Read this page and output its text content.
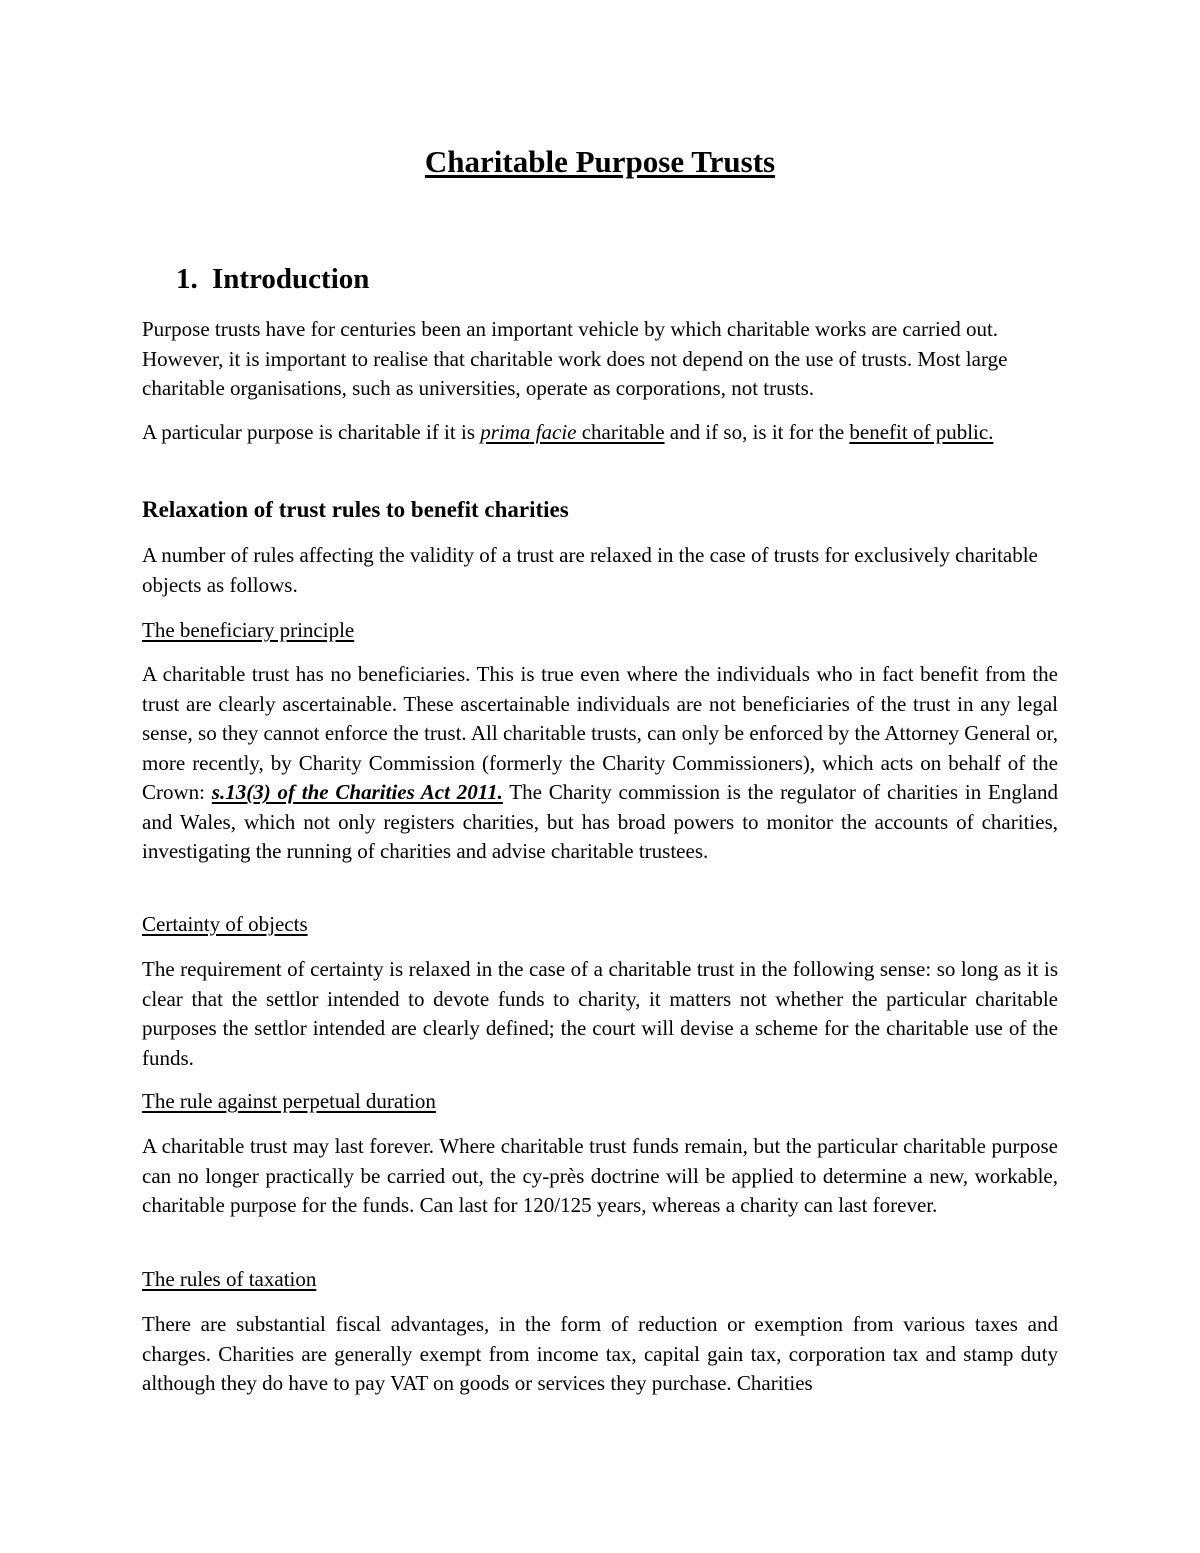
Charitable Purpose Trusts
1. Introduction

Purpose trusts have for centuries been an important vehicle by which charitable works are carried out. However, it is important to realise that charitable work does not depend on the use of trusts. Most large charitable organisations, such as universities, operate as corporations, not trusts.

A particular purpose is charitable if it is prima facie charitable and if so, is it for the benefit of public.

Relaxation of trust rules to benefit charities

A number of rules affecting the validity of a trust are relaxed in the case of trusts for exclusively charitable objects as follows.

The beneficiary principle

A charitable trust has no beneficiaries. This is true even where the individuals who in fact benefit from the trust are clearly ascertainable. These ascertainable individuals are not beneficiaries of the trust in any legal sense, so they cannot enforce the trust. All charitable trusts, can only be enforced by the Attorney General or, more recently, by Charity Commission (formerly the Charity Commissioners), which acts on behalf of the Crown: s.13(3) of the Charities Act 2011. The Charity commission is the regulator of charities in England and Wales, which not only registers charities, but has broad powers to monitor the accounts of charities, investigating the running of charities and advise charitable trustees.

Certainty of objects

The requirement of certainty is relaxed in the case of a charitable trust in the following sense: so long as it is clear that the settlor intended to devote funds to charity, it matters not whether the particular charitable purposes the settlor intended are clearly defined; the court will devise a scheme for the charitable use of the funds.

The rule against perpetual duration

A charitable trust may last forever. Where charitable trust funds remain, but the particular charitable purpose can no longer practically be carried out, the cy-près doctrine will be applied to determine a new, workable, charitable purpose for the funds. Can last for 120/125 years, whereas a charity can last forever.

The rules of taxation

There are substantial fiscal advantages, in the form of reduction or exemption from various taxes and charges. Charities are generally exempt from income tax, capital gain tax, corporation tax and stamp duty although they do have to pay VAT on goods or services they purchase. Charities
